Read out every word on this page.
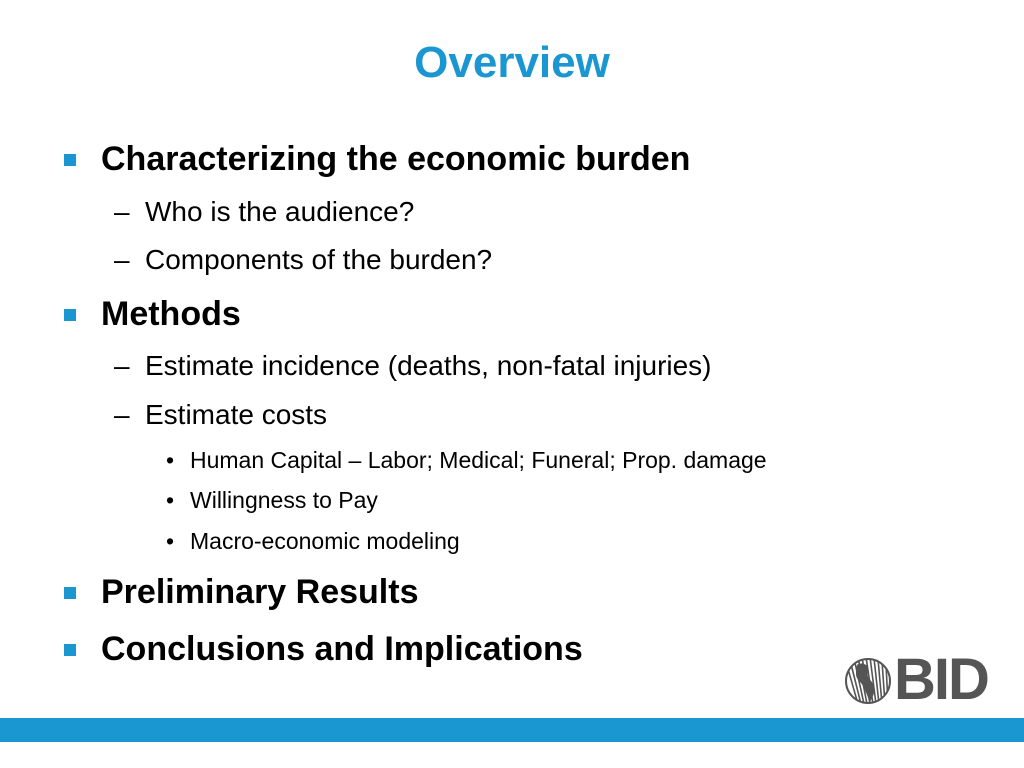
Overview
Characterizing the economic burden
– Who is the audience?
– Components of the burden?
Methods
– Estimate incidence (deaths, non-fatal injuries)
– Estimate costs
• Human Capital – Labor; Medical; Funeral; Prop. damage
• Willingness to Pay
• Macro-economic modeling
Preliminary Results
Conclusions and Implications	BID
